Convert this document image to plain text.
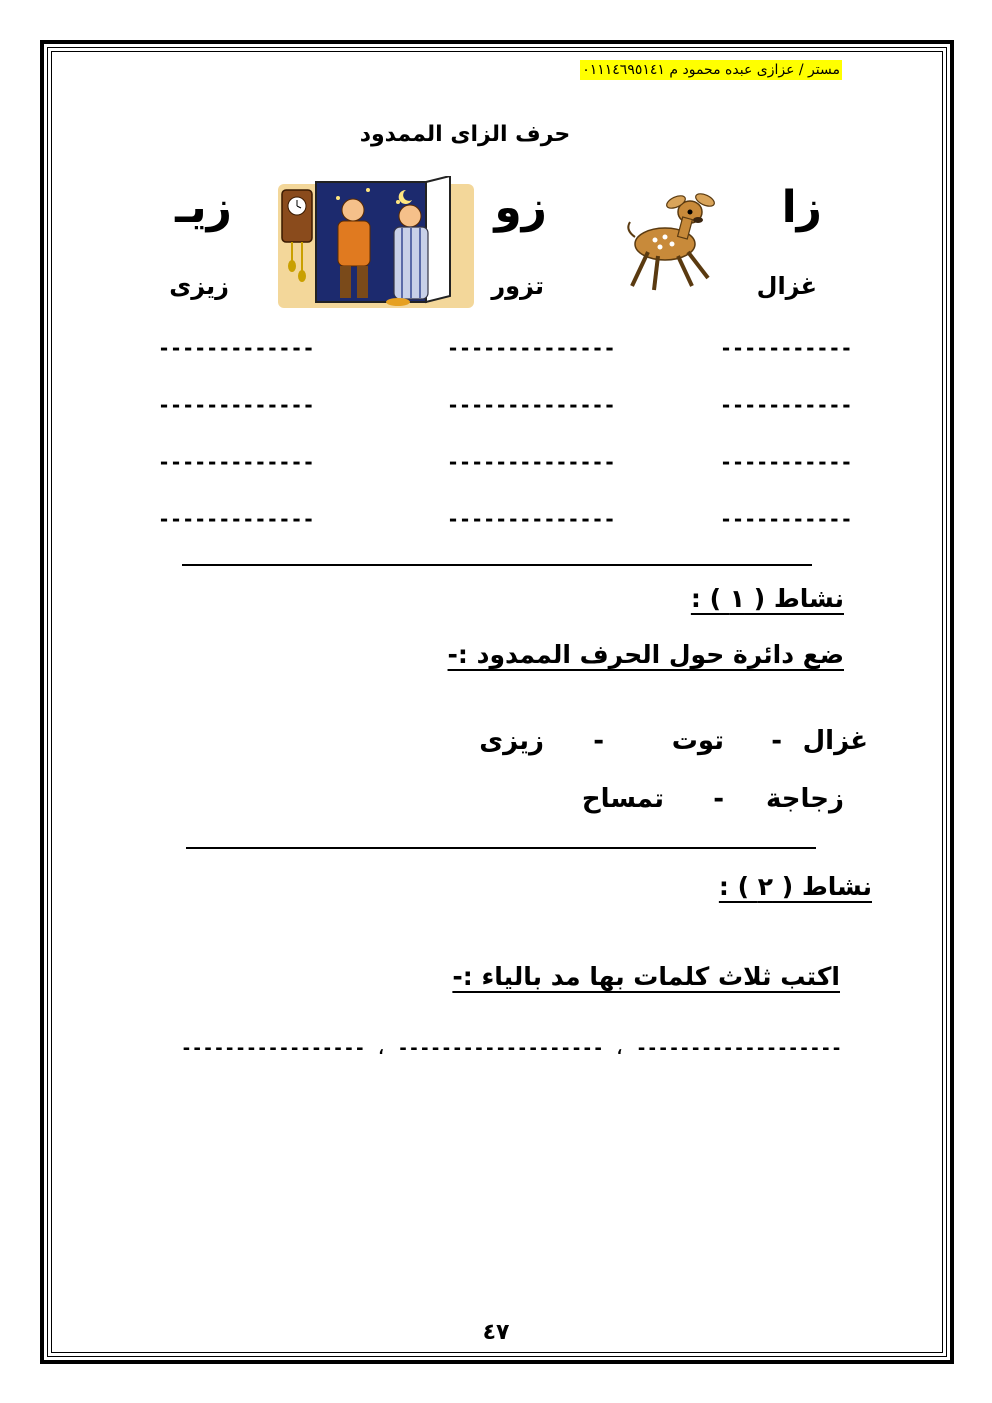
مستر / عزازى عبده محمود م ٠١١١٤٦٩٥١٤١
حرف الزاى الممدود
زا
زو
زيـ
غزال
تزور
زيزى
-----------
--------------
-------------
-----------
--------------
-------------
-----------
--------------
-------------
-----------
--------------
-------------
نشاط ( ١ ) :
ضع دائرة حول الحرف الممدود :-
غزال
-
توت
-
زيزى
زجاجة
-
تمساح
نشاط ( ٢ ) :
اكتب ثلاث كلمات بها مد بالياء :-
----------------- ، ------------------- ، -------------------
٤٧
